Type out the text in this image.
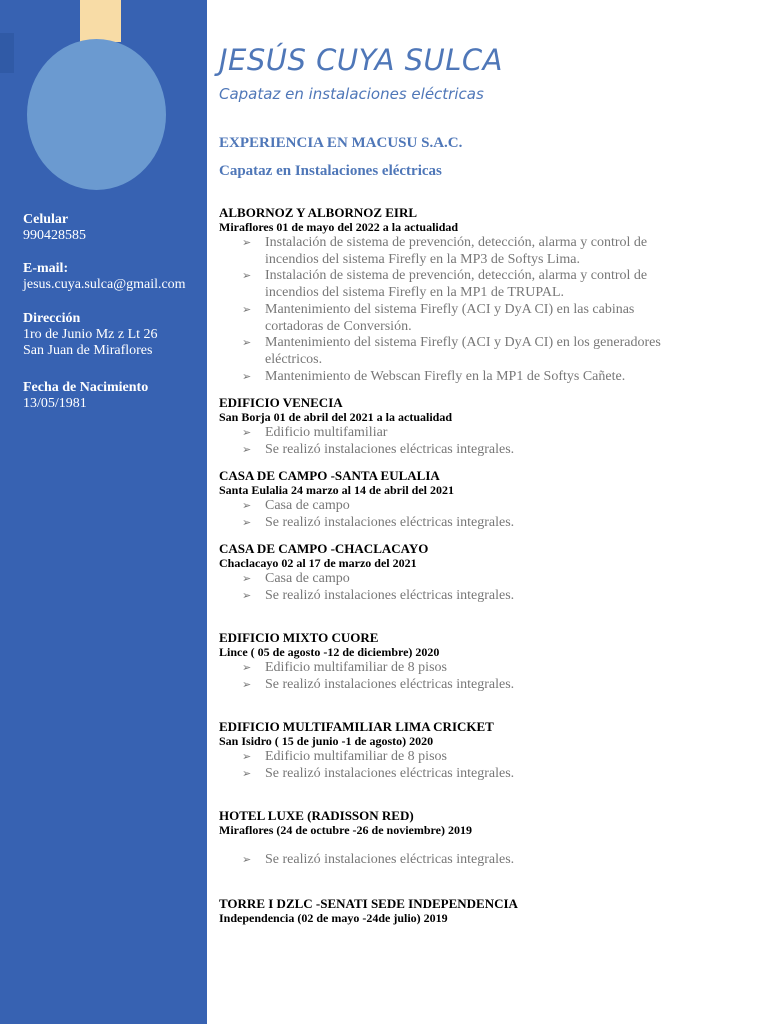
Celular
990428585
E-mail:
jesus.cuya.sulca@gmail.com
Dirección
1ro de Junio Mz z Lt 26
San Juan de Miraflores
Fecha de Nacimiento
13/05/1981
JESÚS CUYA SULCA
Capataz en instalaciones eléctricas
EXPERIENCIA EN MACUSU S.A.C.
Capataz en Instalaciones eléctricas
ALBORNOZ Y ALBORNOZ EIRL
Miraflores 01 de mayo del 2022 a la actualidad
➢ Instalación de sistema de prevención, detección, alarma y control de incendios del sistema Firefly en la MP3 de Softys Lima.
➢ Instalación de sistema de prevención, detección, alarma y control de incendios del sistema Firefly en la MP1 de TRUPAL.
➢ Mantenimiento del sistema Firefly (ACI y DyA CI) en las cabinas cortadoras de Conversión.
➢ Mantenimiento del sistema Firefly (ACI y DyA CI) en los generadores eléctricos.
➢ Mantenimiento de Webscan Firefly en la MP1 de Softys Cañete.
EDIFICIO VENECIA
San Borja 01 de abril del 2021 a la actualidad
➢ Edificio multifamiliar
➢ Se realizó instalaciones eléctricas integrales.
CASA DE CAMPO -SANTA EULALIA
Santa Eulalia 24 marzo al 14 de abril del 2021
➢ Casa de campo
➢ Se realizó instalaciones eléctricas integrales.
CASA DE CAMPO -CHACLACAYO
Chaclacayo 02 al 17 de marzo del 2021
➢ Casa de campo
➢ Se realizó instalaciones eléctricas integrales.
EDIFICIO MIXTO CUORE
Lince ( 05 de agosto -12 de diciembre) 2020
➢ Edificio multifamiliar de 8 pisos
➢ Se realizó instalaciones eléctricas integrales.
EDIFICIO MULTIFAMILIAR LIMA CRICKET
San Isidro ( 15 de junio -1 de agosto) 2020
➢ Edificio multifamiliar de 8 pisos
➢ Se realizó instalaciones eléctricas integrales.
HOTEL LUXE (RADISSON RED)
Miraflores (24 de octubre -26 de noviembre) 2019
➢ Se realizó instalaciones eléctricas integrales.
TORRE I DZLC -SENATI SEDE INDEPENDENCIA
Independencia (02 de mayo -24de julio) 2019
